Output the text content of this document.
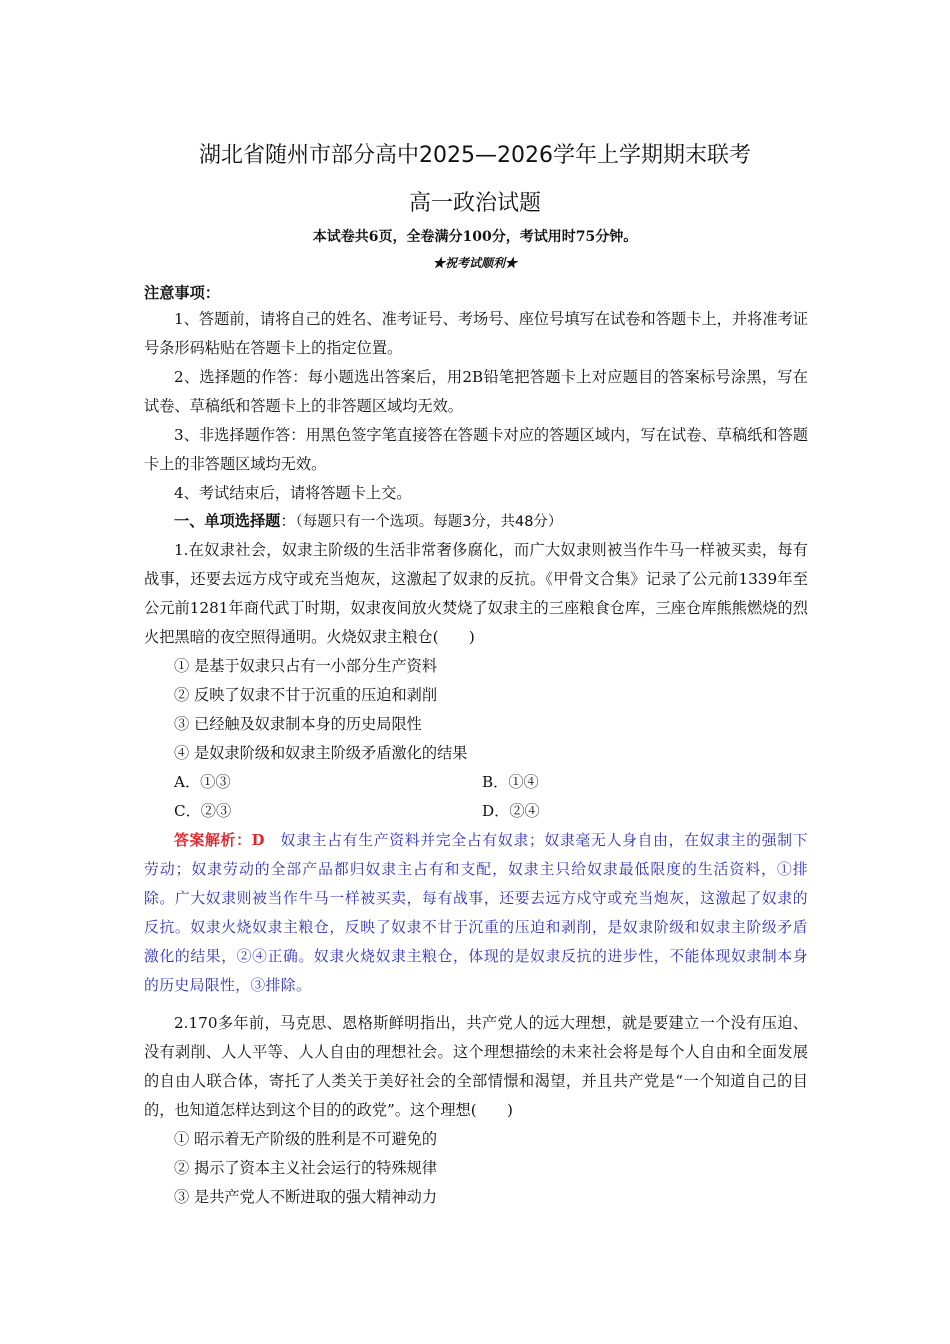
湖北省随州市部分高中2025—2026学年上学期期末联考
高一政治试题
本试卷共6页，全卷满分100分，考试用时75分钟。
★祝考试顺利★
注意事项：

1、答题前，请将自己的姓名、准考证号、考场号、座位号填写在试卷和答题卡上，并将准考证号条形码粘贴在答题卡上的指定位置。

2、选择题的作答：每小题选出答案后，用2B铅笔把答题卡上对应题目的答案标号涂黑，写在试卷、草稿纸和答题卡上的非答题区域均无效。

3、非选择题作答：用黑色签字笔直接答在答题卡对应的答题区域内，写在试卷、草稿纸和答题卡上的非答题区域均无效。

4、考试结束后，请将答题卡上交。

一、单项选择题：（每题只有一个选项。每题3分，共48分）

1.在奴隶社会，奴隶主阶级的生活非常奢侈腐化，而广大奴隶则被当作牛马一样被买卖，每有战事，还要去远方戍守或充当炮灰，这激起了奴隶的反抗。《甲骨文合集》记录了公元前1339年至公元前1281年商代武丁时期，奴隶夜间放火焚烧了奴隶主的三座粮食仓库，三座仓库熊熊燃烧的烈火把黑暗的夜空照得通明。火烧奴隶主粮仓(　　)

① 是基于奴隶只占有一小部分生产资料

② 反映了奴隶不甘于沉重的压迫和剥削

③ 已经触及奴隶制本身的历史局限性

④ 是奴隶阶级和奴隶主阶级矛盾激化的结果

A．①③	B．①④
C．②③	D．②④

答案解析：D　 奴隶主占有生产资料并完全占有奴隶；奴隶毫无人身自由，在奴隶主的强制下劳动；奴隶劳动的全部产品都归奴隶主占有和支配，奴隶主只给奴隶最低限度的生活资料，①排除。广大奴隶则被当作牛马一样被买卖，每有战事，还要去远方戍守或充当炮灰，这激起了奴隶的反抗。奴隶火烧奴隶主粮仓，反映了奴隶不甘于沉重的压迫和剥削，是奴隶阶级和奴隶主阶级矛盾激化的结果，②④正确。奴隶火烧奴隶主粮仓，体现的是奴隶反抗的进步性，不能体现奴隶制本身的历史局限性，③排除。

2.170多年前，马克思、恩格斯鲜明指出，共产党人的远大理想，就是要建立一个没有压迫、没有剥削、人人平等、人人自由的理想社会。这个理想描绘的未来社会将是每个人自由和全面发展的自由人联合体，寄托了人类关于美好社会的全部情憬和渴望，并且共产党是“一个知道自己的目的，也知道怎样达到这个目的的政党”。这个理想(　　)

① 昭示着无产阶级的胜利是不可避免的

② 揭示了资本主义社会运行的特殊规律

③ 是共产党人不断进取的强大精神动力
